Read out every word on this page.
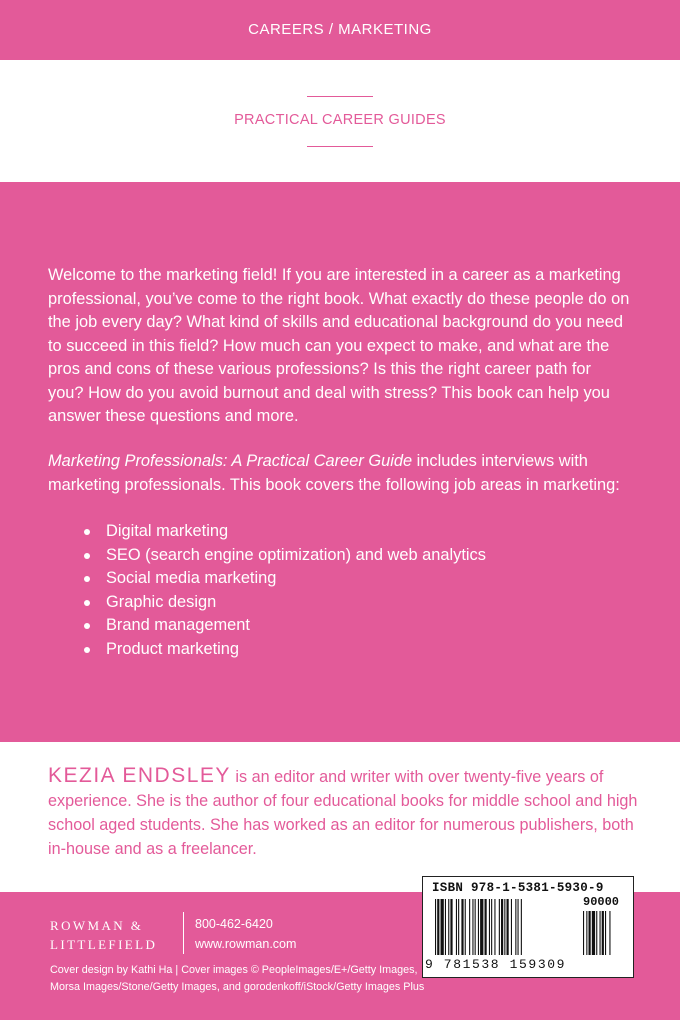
CAREERS / MARKETING
PRACTICAL CAREER GUIDES

Welcome to the marketing field! If you are interested in a career as a marketing professional, you’ve come to the right book. What exactly do these people do on the job every day? What kind of skills and educational background do you need to succeed in this field? How much can you expect to make, and what are the pros and cons of these various professions? Is this the right career path for you? How do you avoid burnout and deal with stress? This book can help you answer these questions and more.

Marketing Professionals: A Practical Career Guide includes interviews with marketing professionals. This book covers the following job areas in marketing:

Digital marketing
SEO (search engine optimization) and web analytics
Social media marketing
Graphic design
Brand management
Product marketing

KEZIA ENDSLEY is an editor and writer with over twenty-five years of experience. She is the author of four educational books for middle school and high school aged students. She has worked as an editor for numerous publishers, both in-house and as a freelancer.

ROWMAN &
LITTLEFIELD
800-462-6420
www.rowman.com
Cover design by Kathi Ha | Cover images © PeopleImages/E+/Getty Images, Morsa Images/Stone/Getty Images, and gorodenkoff/iStock/Getty Images Plus
ISBN 978-1-5381-5930-9
90000
9 781538 159309
